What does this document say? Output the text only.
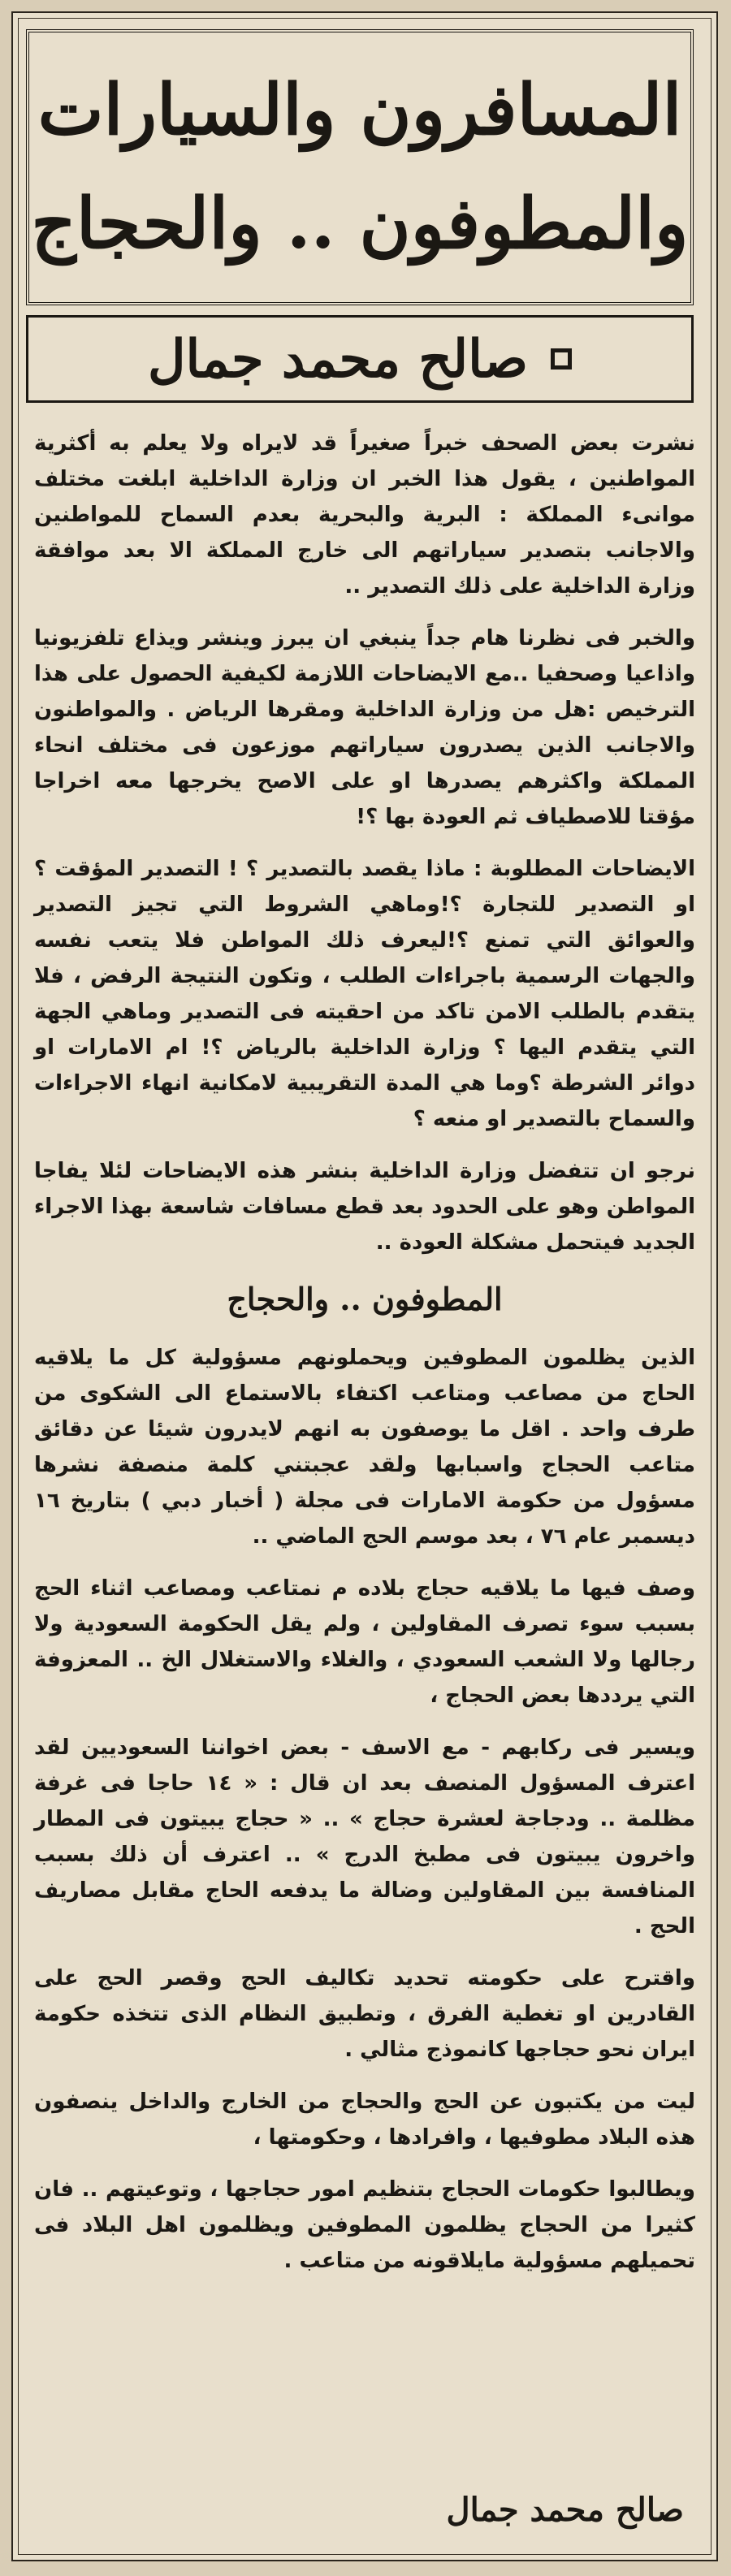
المسافرون والسيارات
والمطوفون .. والحجاج
صالح محمد جمال

نشرت بعض الصحف خبراً صغيراً قد لايراه ولا يعلم به أكثرية المواطنين ، يقول هذا الخبر ان وزارة الداخلية ابلغت مختلف موانىء المملكة : البرية والبحرية بعدم السماح للمواطنين والاجانب بتصدير سياراتهم الى خارج المملكة الا بعد موافقة وزارة الداخلية على ذلك التصدير ..

والخبر فى نظرنا هام جداً ينبغي ان يبرز وينشر ويذاع تلفزيونيا واذاعيا وصحفيا ..مع الايضاحات اللازمة لكيفية الحصول على هذا الترخيص :هل من وزارة الداخلية ومقرها الرياض . والمواطنون والاجانب الذين يصدرون سياراتهم موزعون فى مختلف انحاء المملكة واكثرهم يصدرها او على الاصح يخرجها معه اخراجا مؤقتا للاصطياف ثم العودة بها ؟!

الايضاحات المطلوبة : ماذا يقصد بالتصدير ؟ ! التصدير المؤقت ؟ او التصدير للتجارة ؟!وماهي الشروط التي تجيز التصدير والعوائق التي تمنع ؟!ليعرف ذلك المواطن فلا يتعب نفسه والجهات الرسمية باجراءات الطلب ، وتكون النتيجة الرفض ، فلا يتقدم بالطلب الامن تاكد من احقيته فى التصدير وماهي الجهة التي يتقدم اليها ؟ وزارة الداخلية بالرياض ؟! ام الامارات او دوائر الشرطة ؟وما هي المدة التقريبية لامكانية انهاء الاجراءات والسماح بالتصدير او منعه ؟

نرجو ان تتفضل وزارة الداخلية بنشر هذه الايضاحات لئلا يفاجا المواطن وهو على الحدود بعد قطع مسافات شاسعة بهذا الاجراء الجديد فيتحمل مشكلة العودة ..

المطوفون .. والحجاج

الذين يظلمون المطوفين ويحملونهم مسؤولية كل ما يلاقيه الحاج من مصاعب ومتاعب اكتفاء بالاستماع الى الشكوى من طرف واحد . اقل ما يوصفون به انهم لايدرون شيئا عن دقائق متاعب الحجاج واسبابها ولقد عجبتني كلمة منصفة نشرها مسؤول من حكومة الامارات فى مجلة ( أخبار دبي ) بتاريخ ١٦ ديسمبر عام ٧٦ ، بعد موسم الحج الماضي ..

وصف فيها ما يلاقيه حجاج بلاده م نمتاعب ومصاعب اثناء الحج بسبب سوء تصرف المقاولين ، ولم يقل الحكومة السعودية ولا رجالها ولا الشعب السعودي ، والغلاء والاستغلال الخ .. المعزوفة التي يرددها بعض الحجاج ،

ويسير فى ركابهم - مع الاسف - بعض اخواننا السعوديين لقد اعترف المسؤول المنصف بعد ان قال : « ١٤ حاجا فى غرفة مظلمة .. ودجاجة لعشرة حجاج » .. « حجاج يبيتون فى المطار واخرون يبيتون فى مطبخ الدرج » .. اعترف أن ذلك بسبب المنافسة بين المقاولين وضالة ما يدفعه الحاج مقابل مصاريف الحج .

واقترح على حكومته تحديد تكاليف الحج وقصر الحج على القادرين او تغطية الفرق ، وتطبيق النظام الذى تتخذه حكومة ايران نحو حجاجها كانموذج مثالي .

ليت من يكتبون عن الحج والحجاج من الخارج والداخل ينصفون هذه البلاد مطوفيها ، وافرادها ، وحكومتها ،

ويطالبوا حكومات الحجاج بتنظيم امور حجاجها ، وتوعيتهم .. فان كثيرا من الحجاج يظلمون المطوفين ويظلمون اهل البلاد فى تحميلهم مسؤولية مايلاقونه من متاعب .

صالح محمد جمال
